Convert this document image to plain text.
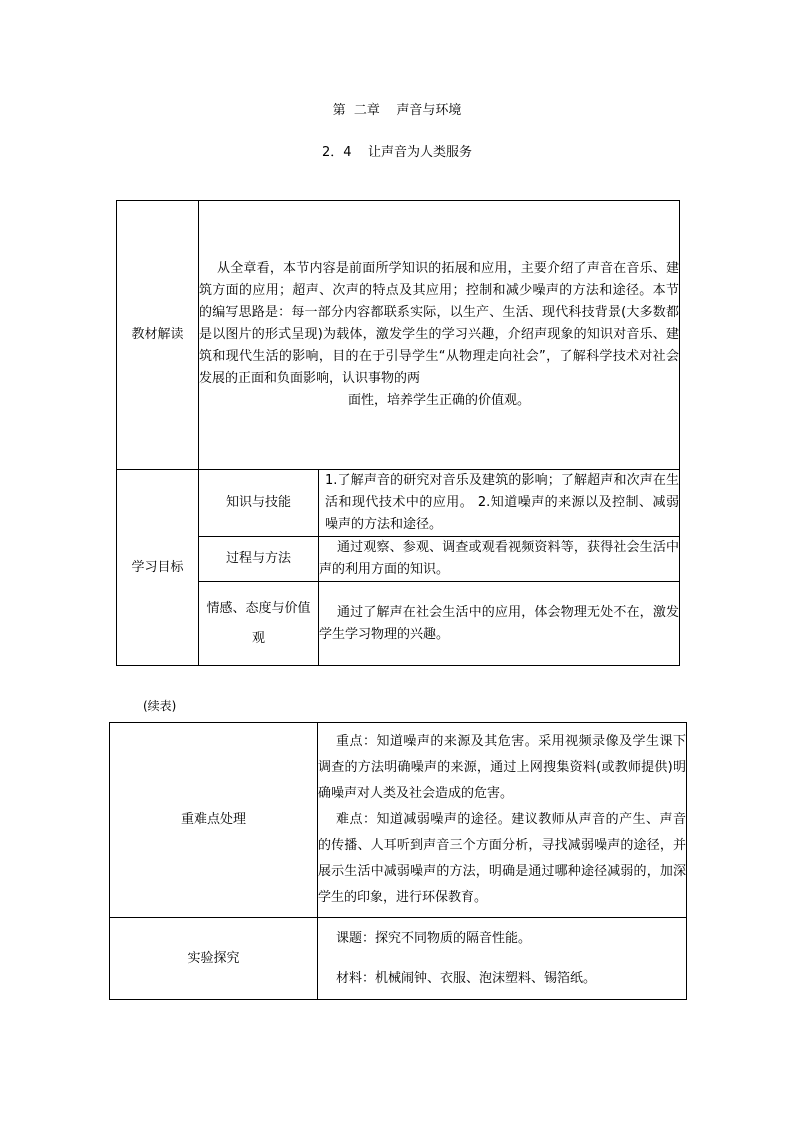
第  二章    声音与环境
2．4    让声音为人类服务
教材解读	从全章看，本节内容是前面所学知识的拓展和应用，主要介绍了声音在音乐、建筑方面的应用；超声、次声的特点及其应用；控制和减少噪声的方法和途径。本节的编写思路是：每一部分内容都联系实际，以生产、生活、现代科技背景(大多数都是以图片的形式呈现)为载体，激发学生的学习兴趣，介绍声现象的知识对音乐、建筑和现代生活的影响，目的在于引导学生“从物理走向社会”，了解科学技术对社会发展的正面和负面影响，认识事物的两

面性，培养学生正确的价值观。	

学习目标	知识与技能	1.了解声音的研究对音乐及建筑的影响；了解超声和次声在生活和现代技术中的应用。 2.知道噪声的来源以及控制、减弱噪声的方法和途径。
	过程与方法	通过观察、参观、调查或观看视频资料等，获得社会生活中声的利用方面的知识。

	情感、态度与价值
观	通过了解声在社会生活中的应用，体会物理无处不在，激发学生学习物理的兴趣。
(续表)
重难点处理	重点：知道噪声的来源及其危害。采用视频录像及学生课下调查的方法明确噪声的来源，通过上网搜集资料(或教师提供)明确噪声对人类及社会造成的危害。

难点：知道减弱噪声的途径。建议教师从声音的产生、声音的传播、人耳听到声音三个方面分析，寻找减弱噪声的途径，并展示生活中减弱噪声的方法，明确是通过哪种途径减弱的，加深学生的印象，进行环保教育。

实验探究	课题：探究不同物质的隔音性能。

材料：机械闹钟、衣服、泡沫塑料、锡箔纸。
